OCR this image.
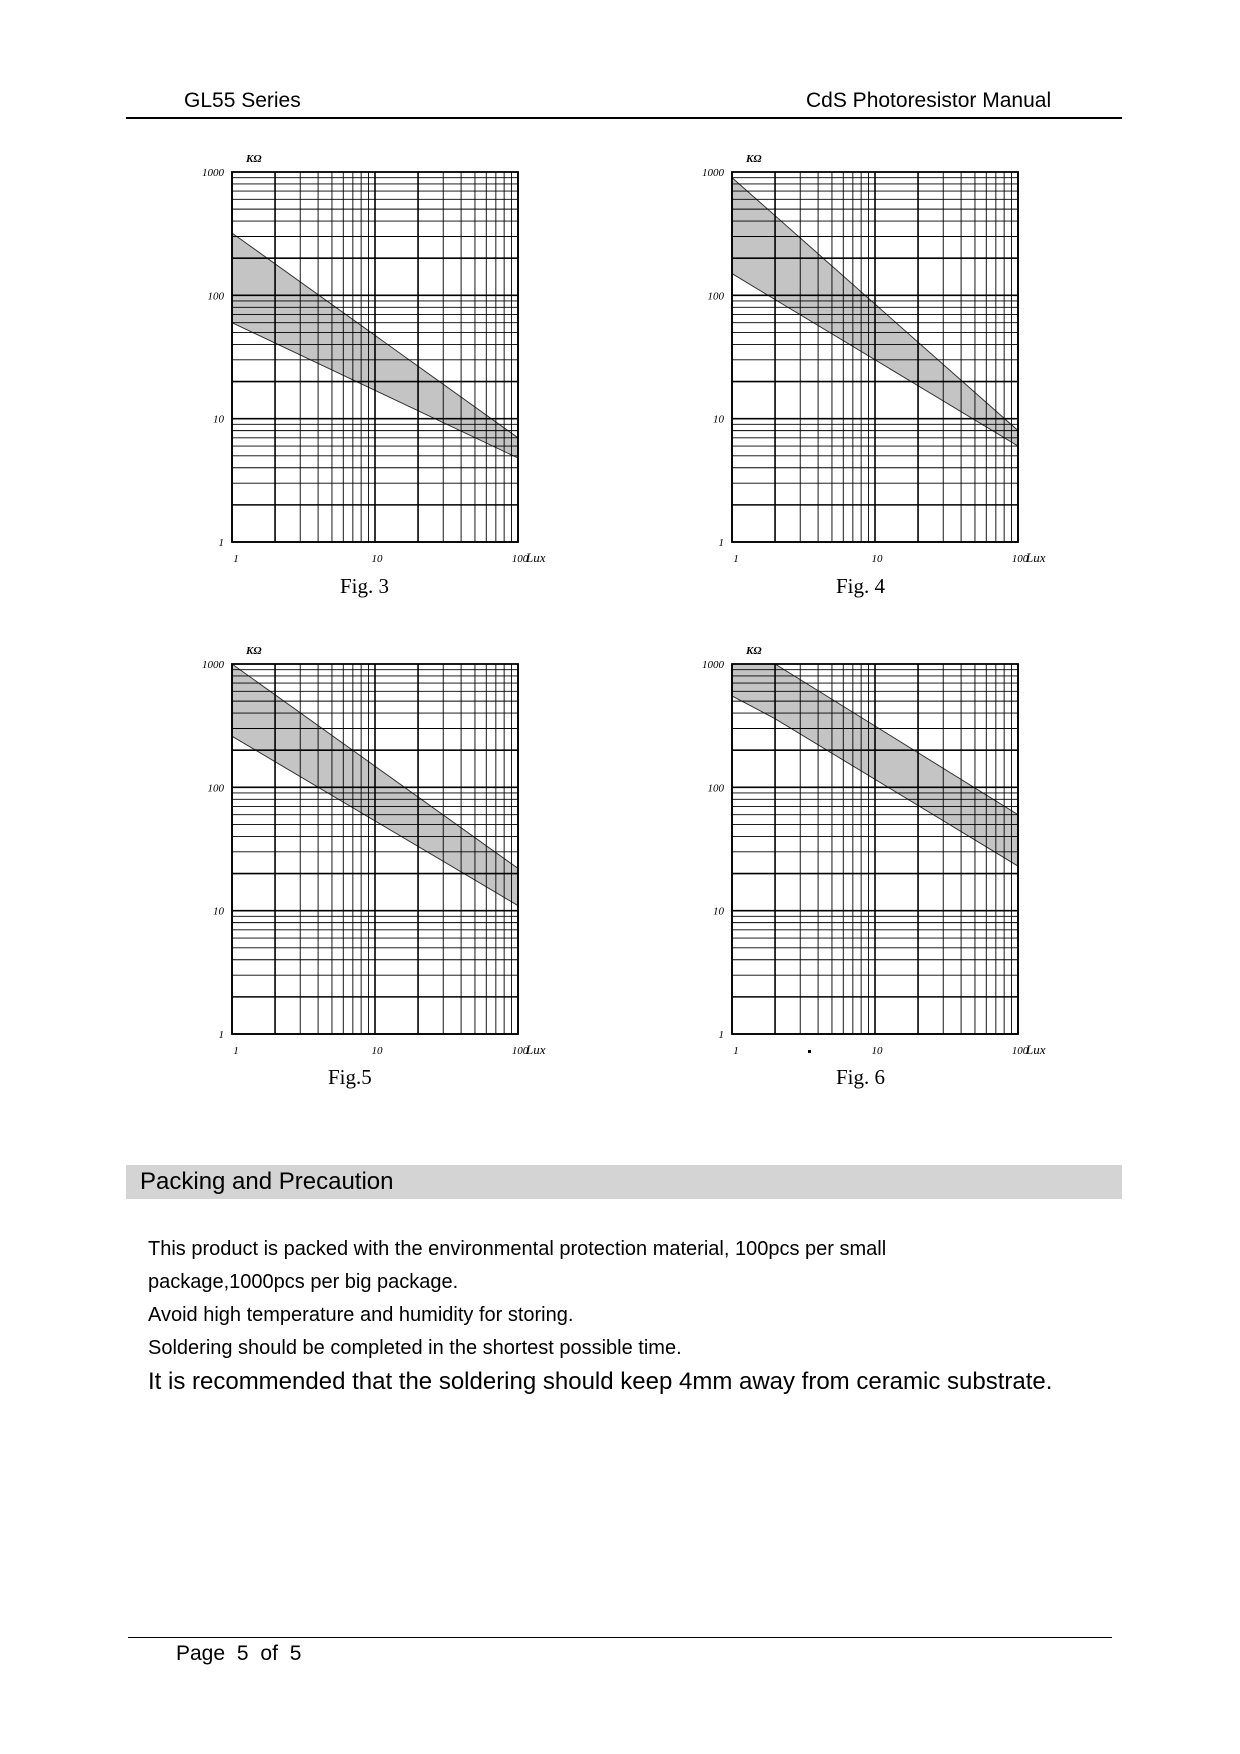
GL55 Series	CdS Photoresistor Manual
1
10
100
1000
1	10	100
KΩ
Lux
Fig. 3
1
10
100
1000
1	10	100
KΩ
Lux
Fig. 4
1
10
100
1000
1	10	100
KΩ
Lux
Fig.5
1
10
100
1000
1	10	100
KΩ
Lux
Fig. 6
Packing and Precaution
This product is packed with the environmental protection material, 100pcs per small
package,1000pcs per big package.
Avoid high temperature and humidity for storing.
Soldering should be completed in the shortest possible time.
It is recommended that the soldering should keep 4mm away from ceramic substrate.
Page 5 of 5
